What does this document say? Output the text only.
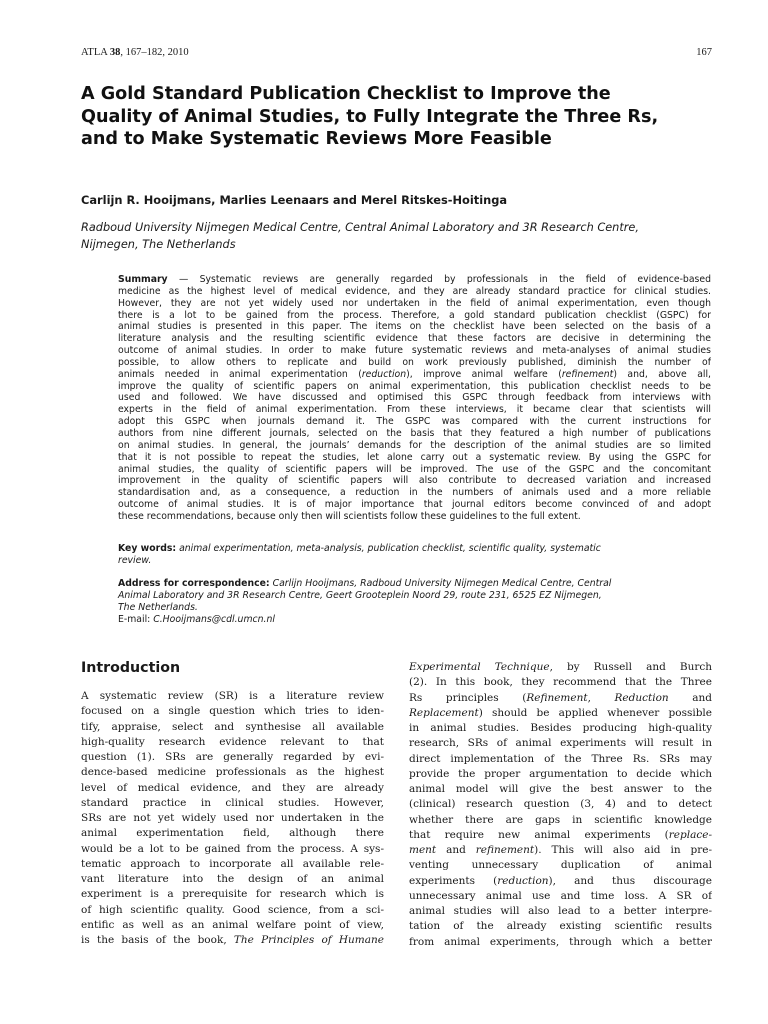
ATLA 38, 167–182, 2010	167
A Gold Standard Publication Checklist to Improve the
Quality of Animal Studies, to Fully Integrate the Three Rs,
and to Make Systematic Reviews More Feasible

Carlijn R. Hooijmans, Marlies Leenaars and Merel Ritskes-Hoitinga

Radboud University Nijmegen Medical Centre, Central Animal Laboratory and 3R Research Centre,
Nijmegen, The Netherlands

Summary — Systematic reviews are generally regarded by professionals in the field of evidence-based
medicine as the highest level of medical evidence, and they are already standard practice for clinical studies.
However, they are not yet widely used nor undertaken in the field of animal experimentation, even though
there is a lot to be gained from the process. Therefore, a gold standard publication checklist (GSPC) for
animal studies is presented in this paper. The items on the checklist have been selected on the basis of a
literature analysis and the resulting scientific evidence that these factors are decisive in determining the
outcome of animal studies. In order to make future systematic reviews and meta-analyses of animal studies
possible, to allow others to replicate and build on work previously published, diminish the number of
animals needed in animal experimentation (reduction), improve animal welfare (refinement) and, above all,
improve the quality of scientific papers on animal experimentation, this publication checklist needs to be
used and followed. We have discussed and optimised this GSPC through feedback from interviews with
experts in the field of animal experimentation. From these interviews, it became clear that scientists will
adopt this GSPC when journals demand it. The GSPC was compared with the current instructions for
authors from nine different journals, selected on the basis that they featured a high number of publications
on animal studies. In general, the journals’ demands for the description of the animal studies are so limited
that it is not possible to repeat the studies, let alone carry out a systematic review. By using the GSPC for
animal studies, the quality of scientific papers will be improved. The use of the GSPC and the concomitant
improvement in the quality of scientific papers will also contribute to decreased variation and increased
standardisation and, as a consequence, a reduction in the numbers of animals used and a more reliable
outcome of animal studies. It is of major importance that journal editors become convinced of and adopt
these recommendations, because only then will scientists follow these guidelines to the full extent.
Key words: animal experimentation, meta-analysis, publication checklist, scientific quality, systematic
review.
Address for correspondence: Carlijn Hooijmans, Radboud University Nijmegen Medical Centre, Central
Animal Laboratory and 3R Research Centre, Geert Grooteplein Noord 29, route 231, 6525 EZ Nijmegen,
The Netherlands.
E-mail: C.Hooijmans@cdl.umcn.nl
Introduction
A systematic review (SR) is a literature review
focused on a single question which tries to iden-
tify, appraise, select and synthesise all available
high-quality research evidence relevant to that
question (1). SRs are generally regarded by evi-
dence-based medicine professionals as the highest
level of medical evidence, and they are already
standard practice in clinical studies. However,
SRs are not yet widely used nor undertaken in the
animal experimentation field, although there
would be a lot to be gained from the process. A sys-
tematic approach to incorporate all available rele-
vant literature into the design of an animal
experiment is a prerequisite for research which is
of high scientific quality. Good science, from a sci-
entific as well as an animal welfare point of view,
is the basis of the book, The Principles of Humane
Experimental Technique, by Russell and Burch
(2). In this book, they recommend that the Three
Rs principles (Refinement, Reduction and
Replacement) should be applied whenever possible
in animal studies. Besides producing high-quality
research, SRs of animal experiments will result in
direct implementation of the Three Rs. SRs may
provide the proper argumentation to decide which
animal model will give the best answer to the
(clinical) research question (3, 4) and to detect
whether there are gaps in scientific knowledge
that require new animal experiments (replace-
ment and refinement). This will also aid in pre-
venting unnecessary duplication of animal
experiments (reduction), and thus discourage
unnecessary animal use and time loss. A SR of
animal studies will also lead to a better interpre-
tation of the already existing scientific results
from animal experiments, through which a better
